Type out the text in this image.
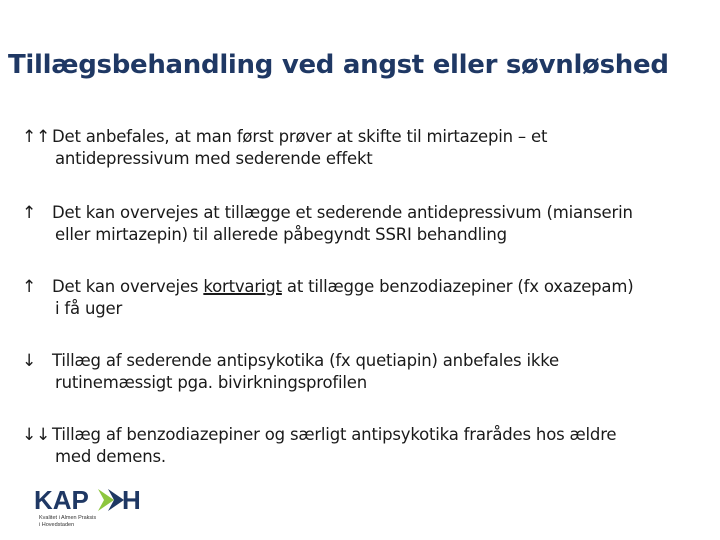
Tillægsbehandling ved angst eller søvnløshed
↑↑ Det anbefales, at man først prøver at skifte til mirtazepin – et
antidepressivum med sederende effekt
↑ Det kan overvejes at tillægge et sederende antidepressivum (mianserin
eller mirtazepin) til allerede påbegyndt SSRI behandling
↑ Det kan overvejes kortvarigt at tillægge benzodiazepiner (fx oxazepam)
i få uger
↓ Tillæg af sederende antipsykotika (fx quetiapin) anbefales ikke
rutinemæssigt pga. bivirkningsprofilen
↓↓ Tillæg af benzodiazepiner og særligt antipsykotika frarådes hos ældre
med demens.
KAP H
Kvalitet i Almen Praksis
i Hovedstaden
